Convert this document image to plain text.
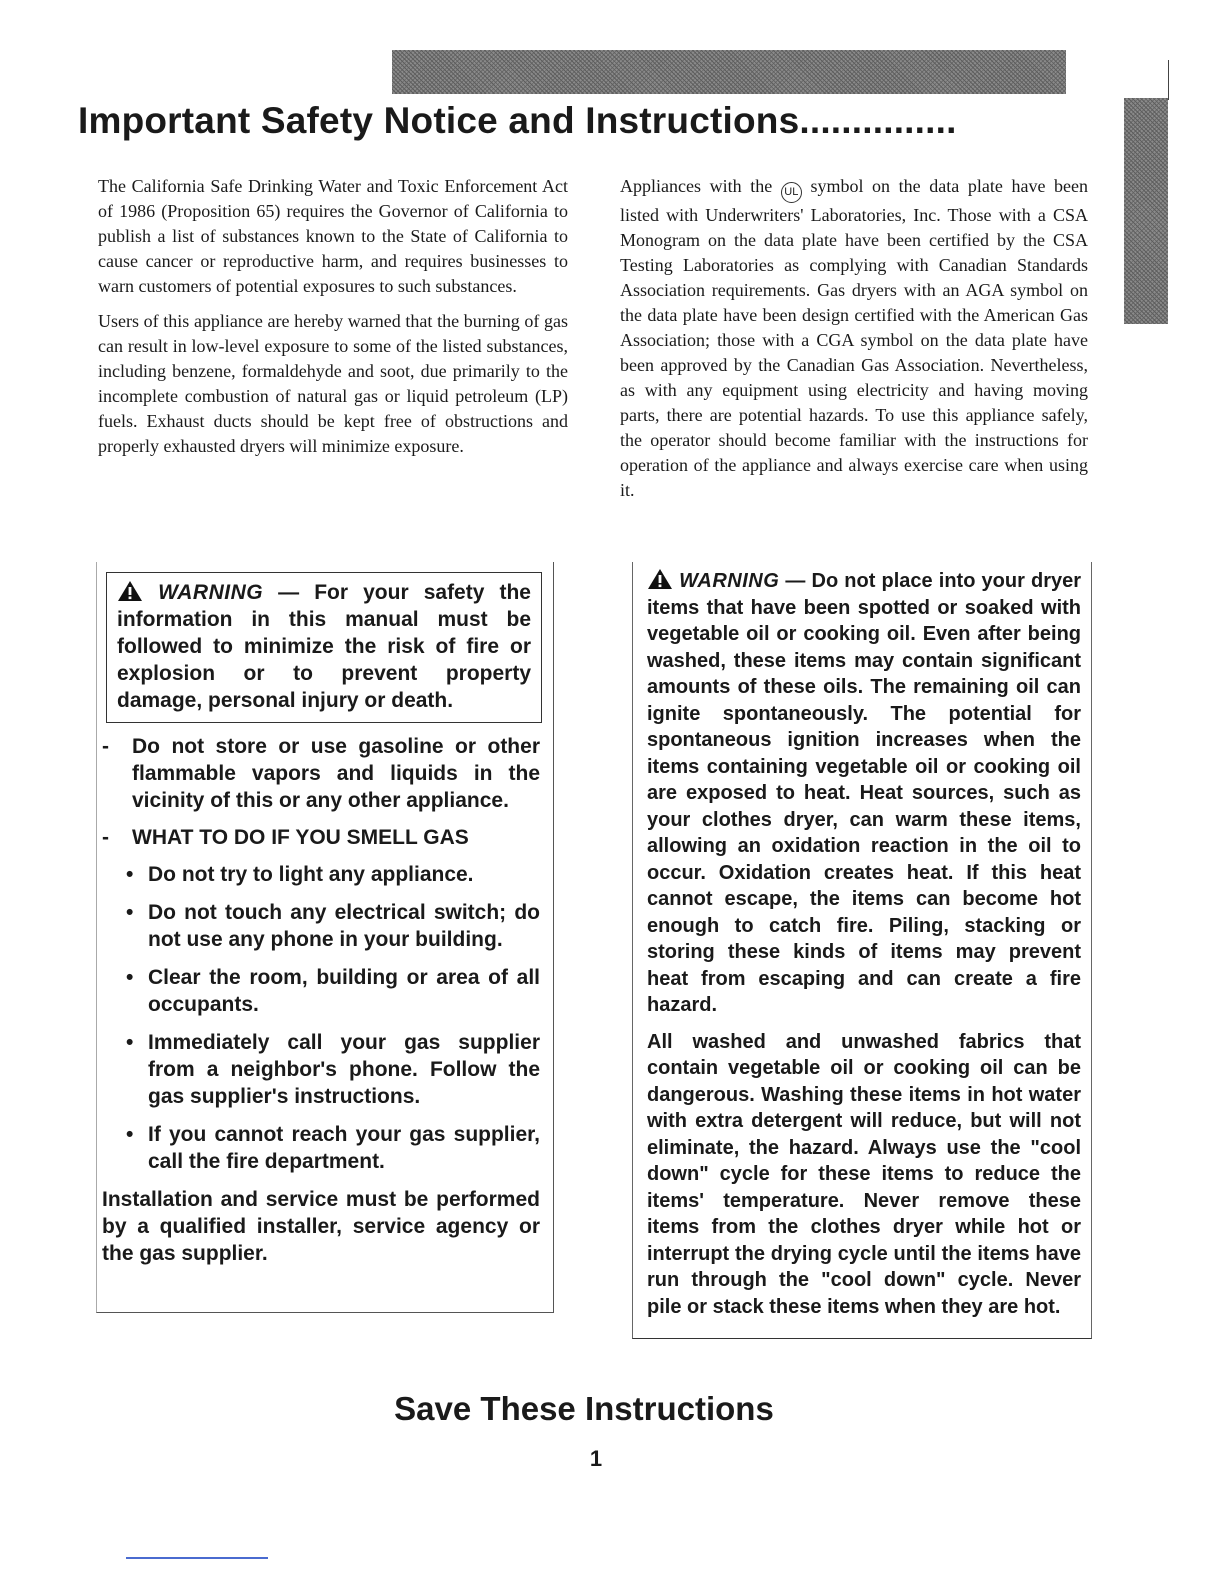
Important Safety Notice and Instructions...............

The California Safe Drinking Water and Toxic Enforcement Act of 1986 (Proposition 65) requires the Governor of California to publish a list of substances known to the State of California to cause cancer or reproductive harm, and requires businesses to warn customers of potential exposures to such substances.

Users of this appliance are hereby warned that the burning of gas can result in low-level exposure to some of the listed substances, including benzene, formaldehyde and soot, due primarily to the incomplete combustion of natural gas or liquid petroleum (LP) fuels. Exhaust ducts should be kept free of obstructions and properly exhausted dryers will minimize exposure.

Appliances with the UL symbol on the data plate have been listed with Underwriters' Laboratories, Inc. Those with a CSA Monogram on the data plate have been certified by the CSA Testing Laboratories as complying with Canadian Standards Association requirements. Gas dryers with an AGA symbol on the data plate have been design certified with the American Gas Association; those with a CGA symbol on the data plate have been approved by the Canadian Gas Association. Nevertheless, as with any equipment using electricity and having moving parts, there are potential hazards. To use this appliance safely, the operator should become familiar with the instructions for operation of the appliance and always exercise care when using it.

WARNING — For your safety the information in this manual must be followed to minimize the risk of fire or explosion or to prevent property damage, personal injury or death.
-	Do not store or use gasoline or other flammable vapors and liquids in the vicinity of this or any other appliance.
-	WHAT TO DO IF YOU SMELL GAS
• Do not try to light any appliance.
• Do not touch any electrical switch; do not use any phone in your building.
• Clear the room, building or area of all occupants.
• Immediately call your gas supplier from a neighbor's phone. Follow the gas supplier's instructions.
• If you cannot reach your gas supplier, call the fire department.
Installation and service must be performed by a qualified installer, service agency or the gas supplier.

WARNING — Do not place into your dryer items that have been spotted or soaked with vegetable oil or cooking oil. Even after being washed, these items may contain significant amounts of these oils. The remaining oil can ignite spontaneously. The potential for spontaneous ignition increases when the items containing vegetable oil or cooking oil are exposed to heat. Heat sources, such as your clothes dryer, can warm these items, allowing an oxidation reaction in the oil to occur. Oxidation creates heat. If this heat cannot escape, the items can become hot enough to catch fire. Piling, stacking or storing these kinds of items may prevent heat from escaping and can create a fire hazard.

All washed and unwashed fabrics that contain vegetable oil or cooking oil can be dangerous. Washing these items in hot water with extra detergent will reduce, but will not eliminate, the hazard. Always use the "cool down" cycle for these items to reduce the items' temperature. Never remove these items from the clothes dryer while hot or interrupt the drying cycle until the items have run through the "cool down" cycle. Never pile or stack these items when they are hot.

Save These Instructions
1
